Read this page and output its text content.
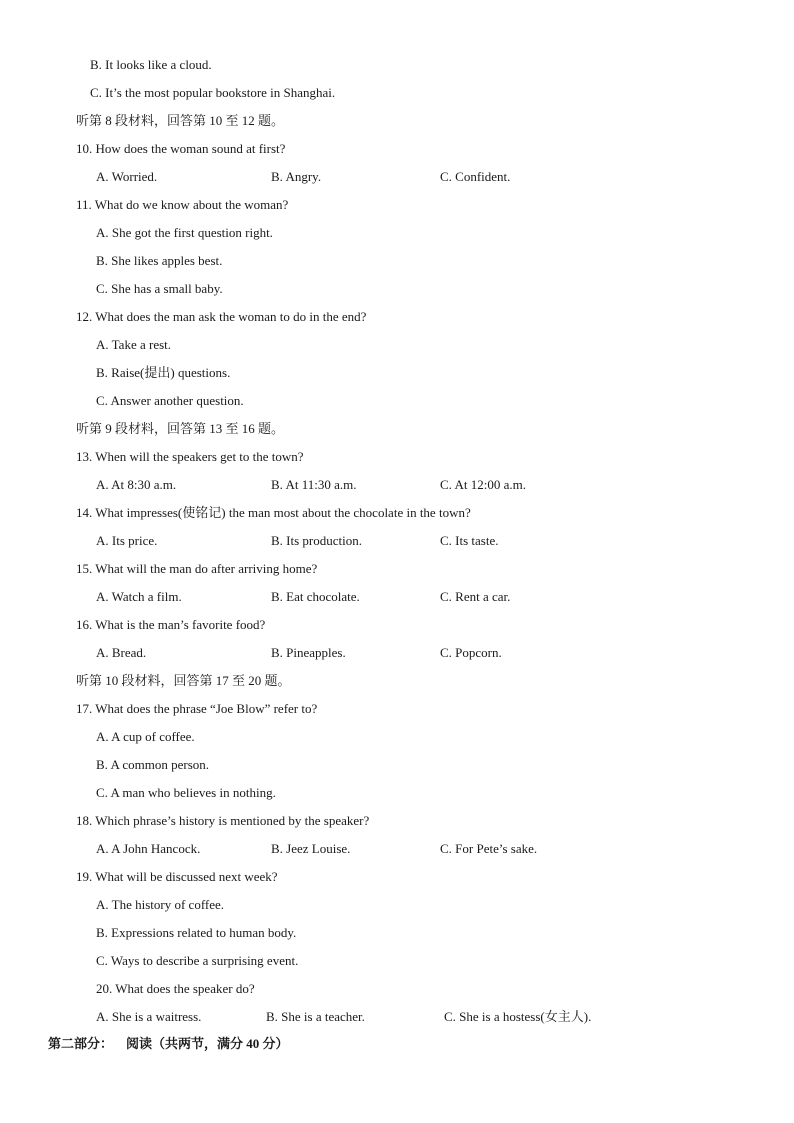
B. It looks like a cloud.
C. It’s the most popular bookstore in Shanghai.
听第 8 段材料，回答第 10 至 12 题。
10. How does the woman sound at first?
A. Worried.	B. Angry.	C. Confident.
11. What do we know about the woman?
A. She got the first question right.
B. She likes apples best.
C. She has a small baby.
12. What does the man ask the woman to do in the end?
A. Take a rest.
B. Raise(提出) questions.
C. Answer another question.
听第 9 段材料，回答第 13 至 16 题。
13. When will the speakers get to the town?
A. At 8:30 a.m.	B. At 11:30 a.m.	C. At 12:00 a.m.
14. What impresses(使铭记) the man most about the chocolate in the town?
A. Its price.	B. Its production.	C. Its taste.
15. What will the man do after arriving home?
A. Watch a film.	B. Eat chocolate.	C. Rent a car.
16. What is the man’s favorite food?
A. Bread.	B. Pineapples.	C. Popcorn.
听第 10 段材料，回答第 17 至 20 题。
17. What does the phrase “Joe Blow” refer to?
A. A cup of coffee.
B. A common person.
C. A man who believes in nothing.
18. Which phrase’s history is mentioned by the speaker?
A. A John Hancock.	B. Jeez Louise.	C. For Pete’s sake.
19. What will be discussed next week?
A. The history of coffee.
B. Expressions related to human body.
C. Ways to describe a surprising event.
20. What does the speaker do?
A. She is a waitress.	B. She is a teacher.	C. She is a hostess(女主人).
第二部分：    阅读（共两节，满分 40 分）
